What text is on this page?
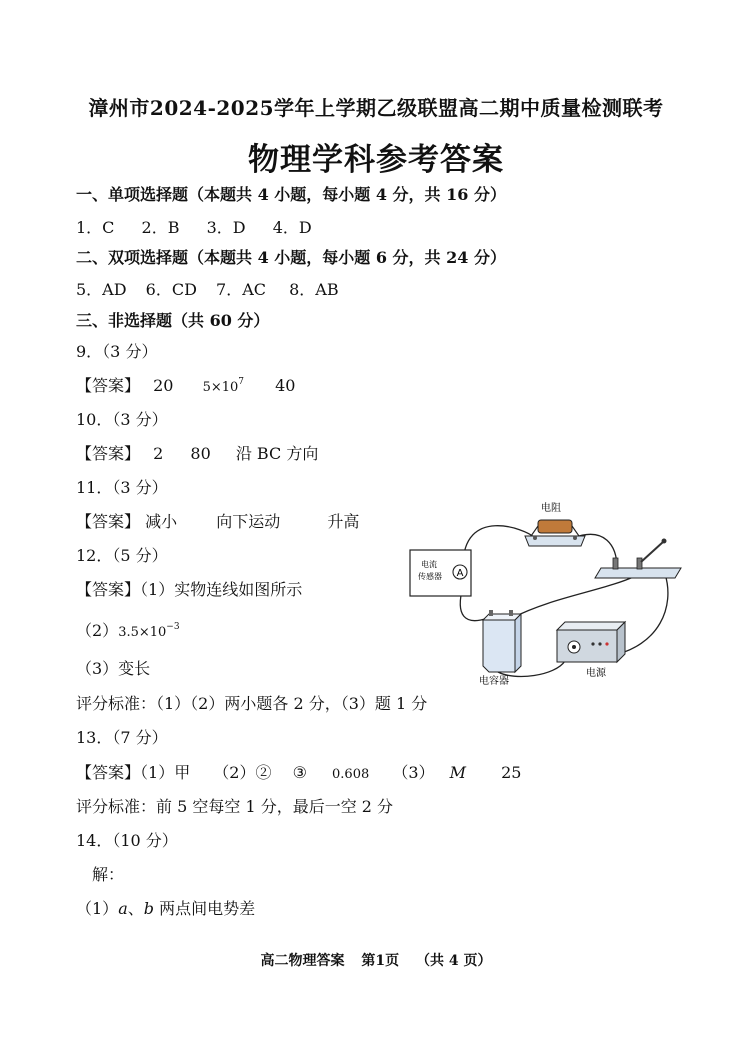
漳州市2024-2025学年上学期乙级联盟高二期中质量检测联考
物理学科参考答案
一、单项选择题（本题共 4 小题，每小题 4 分，共 16 分）
1．C 2．B 3．D 4．D
二、双项选择题（本题共 4 小题，每小题 6 分，共 24 分）
5．AD 6．CD 7．AC 8．AB
三、非选择题（共 60 分）
9．（3 分）
【答案】 20 $5\times 10^7$ 40
10．（3 分）
【答案】 2 80 沿 BC 方向
11．（3 分）
【答案】 减小 向下运动	升高
12．（5 分）
【答案】（1）实物连线如图所示
$(2)3.5\times 10^{-3}$
（3）变长
评分标准：（1）（2）两小题各 2 分，（3）题 1 分
A
电流
传感器
电阻
电容器
电源
13．（7 分）
【答案】（1）甲 （2）② ③ 0.608 （3） M 25
评分标准：前 5 空每空 1 分，最后一空 2 分
14．（10 分）
解：
（1）a、b 两点间电势差
高二物理答案 第1页 （共 4 页）
